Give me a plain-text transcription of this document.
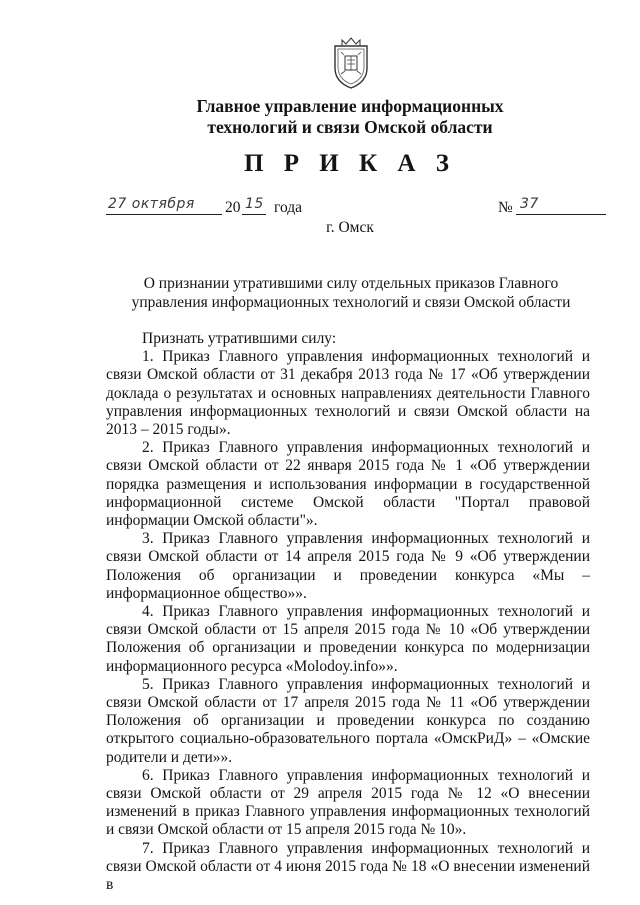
Главное управление информационных
технологий и связи Омской области
П Р И К А З
27 октября 20 15 года	№ 37
г. Омск
О признании утратившими силу отдельных приказов Главного управления информационных технологий и связи Омской области

Признать утратившими силу:

1. Приказ Главного управления информационных технологий и связи Омской области от 31 декабря 2013 года № 17 «Об утверждении доклада о результатах и основных направлениях деятельности Главного управления информационных технологий и связи Омской области на 2013 – 2015 годы».

2. Приказ Главного управления информационных технологий и связи Омской области от 22 января 2015 года № 1 «Об утверждении порядка размещения и использования информации в государственной информационной системе Омской области "Портал правовой информации Омской области"».

3. Приказ Главного управления информационных технологий и связи Омской области от 14 апреля 2015 года № 9 «Об утверждении Положения об организации и проведении конкурса «Мы – информационное общество»».

4. Приказ Главного управления информационных технологий и связи Омской области от 15 апреля 2015 года № 10 «Об утверждении Положения об организации и проведении конкурса по модернизации информационного ресурса «Molodoy.info»».

5. Приказ Главного управления информационных технологий и связи Омской области от 17 апреля 2015 года № 11 «Об утверждении Положения об организации и проведении конкурса по созданию открытого социально-образовательного портала «ОмскРиД» – «Омские родители и дети»».

6. Приказ Главного управления информационных технологий и связи Омской области от 29 апреля 2015 года № 12 «О внесении изменений в приказ Главного управления информационных технологий и связи Омской области от 15 апреля 2015 года № 10».

7. Приказ Главного управления информационных технологий и связи Омской области от 4 июня 2015 года № 18 «О внесении изменений в
